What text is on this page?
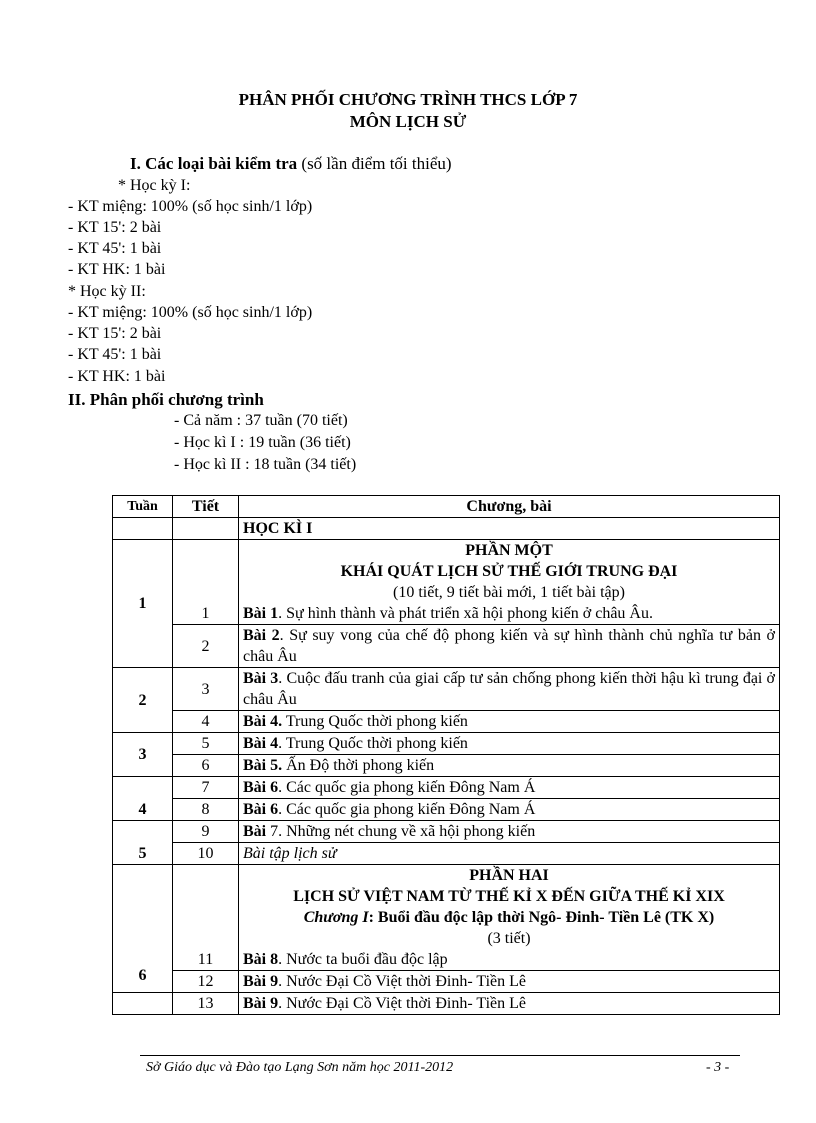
PHÂN PHỐI CHƯƠNG TRÌNH THCS LỚP 7
MÔN LỊCH SỬ
I. Các loại bài kiểm tra (số lần điểm tối thiểu)
* Học kỳ I:
- KT miệng: 100% (số học sinh/1 lớp)
- KT 15': 2 bài
- KT 45': 1 bài
- KT HK: 1 bài
* Học kỳ II:
- KT miệng: 100% (số học sinh/1 lớp)
- KT 15': 2 bài
- KT 45': 1 bài
- KT HK: 1 bài
II. Phân phối chương trình
- Cả năm : 37 tuần (70 tiết)
- Học kì I : 19 tuần (36 tiết)
- Học kì II : 18 tuần (34 tiết)
Tuần	Tiết	Chương, bài
		HỌC KÌ I
1	1	PHẦN MỘT
KHÁI QUÁT LỊCH SỬ THẾ GIỚI TRUNG ĐẠI
(10 tiết, 9 tiết bài mới, 1 tiết bài tập)
Bài 1. Sự hình thành và phát triển xã hội phong kiến ở châu Âu.

	2	Bài 2. Sự suy vong của chế độ phong kiến và sự hình thành chủ nghĩa tư bản ở châu Âu
2	3	Bài 3. Cuộc đấu tranh của giai cấp tư sản chống phong kiến thời hậu kì trung đại ở châu Âu
	4	Bài 4. Trung Quốc thời phong kiến
3	5	Bài 4. Trung Quốc thời phong kiến
	6	Bài 5. Ấn Độ thời phong kiến
4	7	Bài 6. Các quốc gia phong kiến Đông Nam Á
	8	Bài 6. Các quốc gia phong kiến Đông Nam Á
5	9	Bài 7. Những nét chung về xã hội phong kiến
	10	Bài tập lịch sử
6	11	PHẦN HAI
LỊCH SỬ VIỆT NAM TỪ THẾ KỈ X ĐẾN GIỮA THẾ KỈ XIX
Chương I: Buổi đầu độc lập thời Ngô- Đinh- Tiền Lê (TK X)
(3 tiết)
Bài 8. Nước ta buổi đầu độc lập

	12	Bài 9. Nước Đại Cồ Việt thời Đinh- Tiền Lê
	13	Bài 9. Nước Đại Cồ Việt thời Đinh- Tiền Lê
Sở Giáo dục và Đào tạo Lạng Sơn năm học 2011-2012	- 3 -
